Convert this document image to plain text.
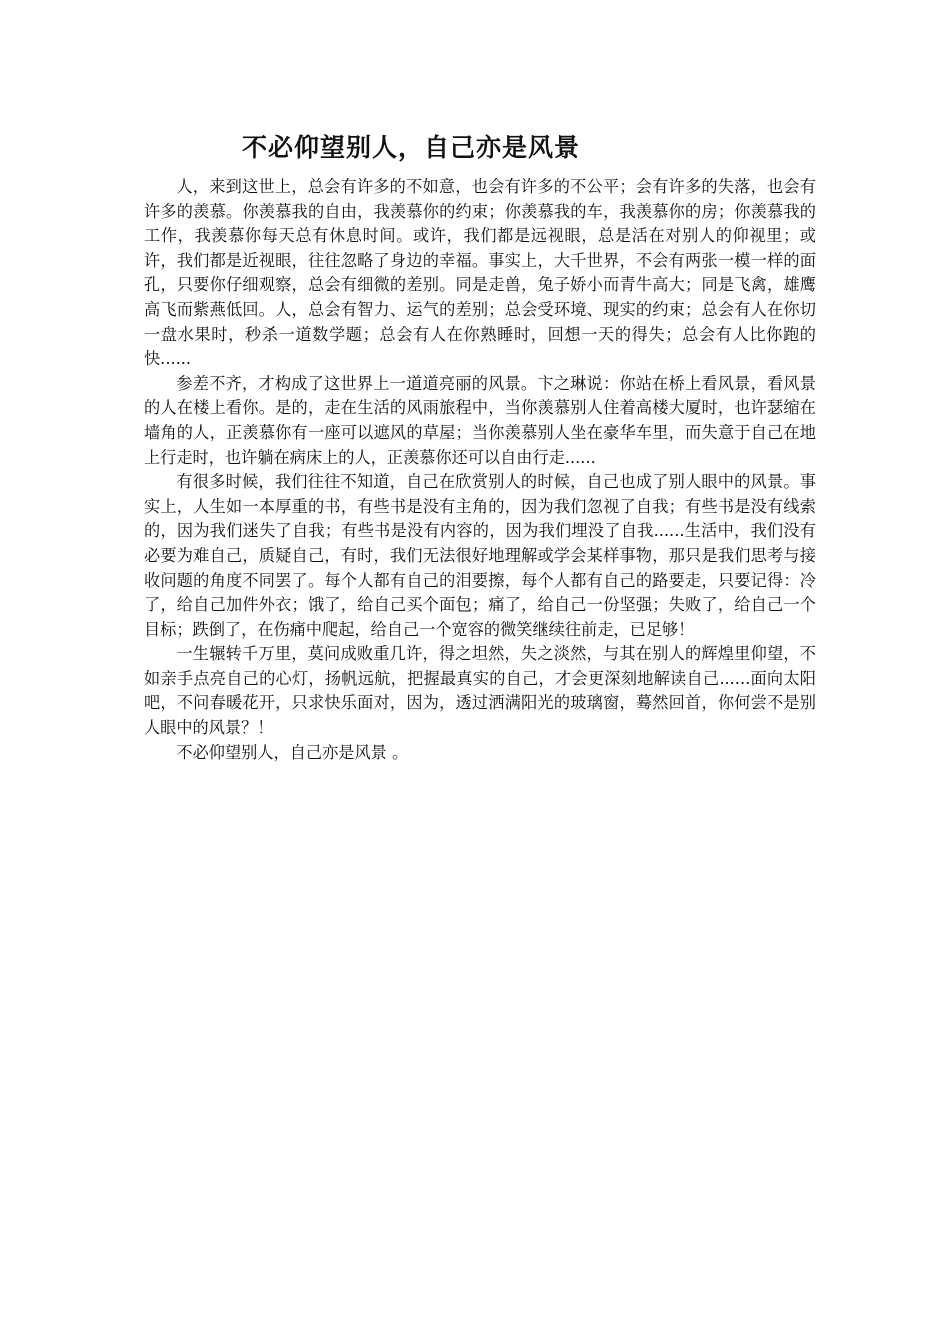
不必仰望别人，自己亦是风景

人，来到这世上，总会有许多的不如意，也会有许多的不公平；会有许多的失落，也会有许多的羡慕。你羡慕我的自由，我羡慕你的约束；你羡慕我的车，我羡慕你的房；你羡慕我的工作，我羡慕你每天总有休息时间。或许，我们都是远视眼，总是活在对别人的仰视里；或许，我们都是近视眼，往往忽略了身边的幸福。事实上，大千世界，不会有两张一模一样的面孔，只要你仔细观察，总会有细微的差别。同是走兽，兔子娇小而青牛高大；同是飞禽，雄鹰高飞而紫燕低回。人，总会有智力、运气的差别；总会受环境、现实的约束；总会有人在你切一盘水果时，秒杀一道数学题；总会有人在你熟睡时，回想一天的得失；总会有人比你跑的快......

参差不齐，才构成了这世界上一道道亮丽的风景。卞之琳说：你站在桥上看风景，看风景的人在楼上看你。是的，走在生活的风雨旅程中，当你羡慕别人住着高楼大厦时，也许瑟缩在墙角的人，正羡慕你有一座可以遮风的草屋；当你羡慕别人坐在豪华车里，而失意于自己在地上行走时，也许躺在病床上的人，正羡慕你还可以自由行走......

有很多时候，我们往往不知道，自己在欣赏别人的时候，自己也成了别人眼中的风景。事实上，人生如一本厚重的书，有些书是没有主角的，因为我们忽视了自我；有些书是没有线索的，因为我们迷失了自我；有些书是没有内容的，因为我们埋没了自我......生活中，我们没有必要为难自己，质疑自己，有时，我们无法很好地理解或学会某样事物，那只是我们思考与接收问题的角度不同罢了。每个人都有自己的泪要擦，每个人都有自己的路要走，只要记得：冷了，给自己加件外衣；饿了，给自己买个面包；痛了，给自己一份坚强；失败了，给自己一个目标；跌倒了，在伤痛中爬起，给自己一个宽容的微笑继续往前走，已足够！

一生辗转千万里，莫问成败重几许，得之坦然，失之淡然，与其在别人的辉煌里仰望，不如亲手点亮自己的心灯，扬帆远航，把握最真实的自己，才会更深刻地解读自己......面向太阳吧，不问春暖花开，只求快乐面对，因为，透过洒满阳光的玻璃窗，蓦然回首，你何尝不是别人眼中的风景？！

不必仰望别人，自己亦是风景 。
